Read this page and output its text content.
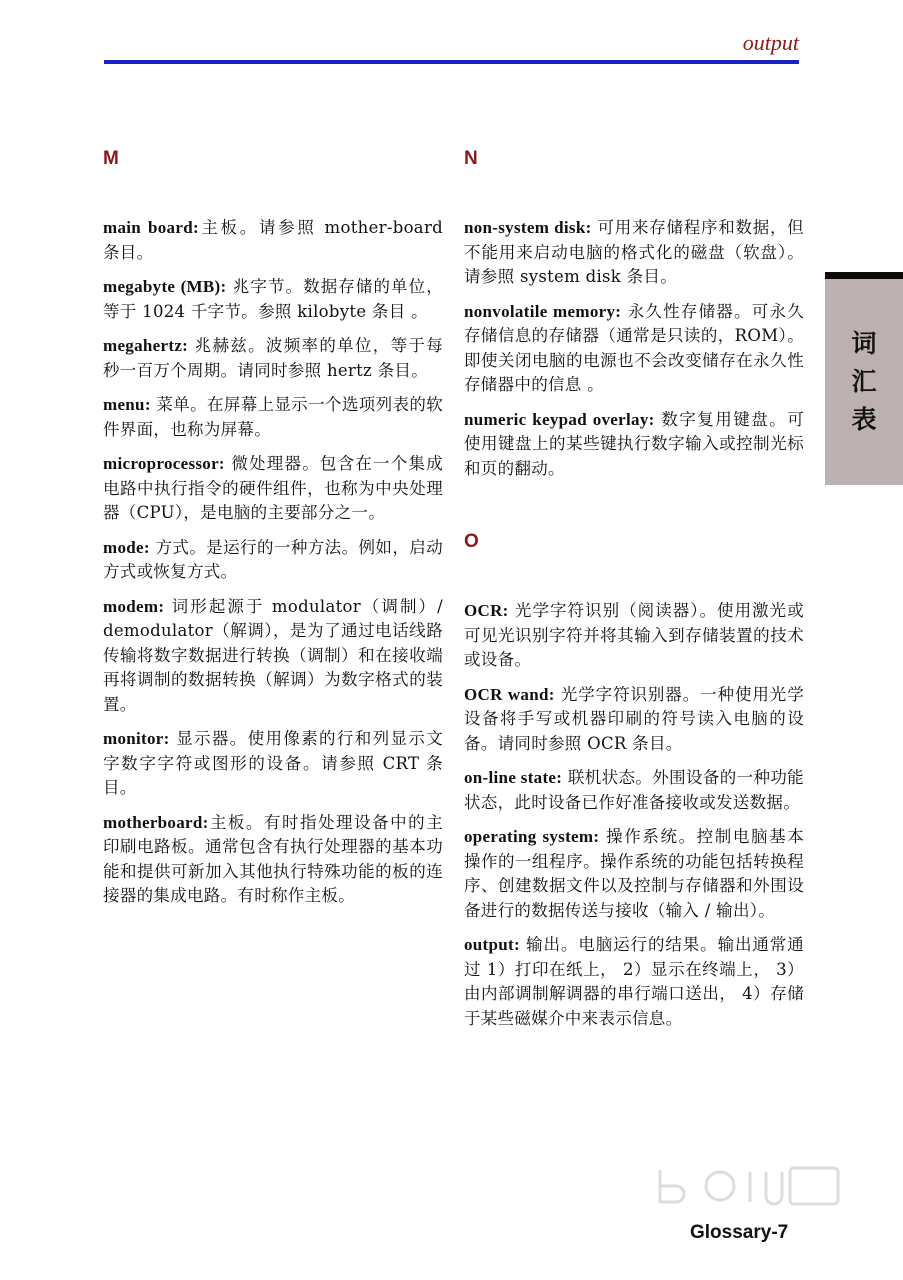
output
M

main board:主板。请参照 mother-board 条目。

megabyte (MB): 兆字节。数据存储的单位，等于 1024 千字节。参照 kilobyte 条目 。

megahertz: 兆赫兹。波频率的单位，等于每秒一百万个周期。请同时参照 hertz 条目。

menu: 菜单。在屏幕上显示一个选项列表的软件界面，也称为屏幕。

microprocessor: 微处理器。包含在一个集成电路中执行指令的硬件组件，也称为中央处理器（CPU），是电脑的主要部分之一。

mode: 方式。是运行的一种方法。例如，启动方式或恢复方式。

modem: 词形起源于 modulator（调制）/ demodulator（解调），是为了通过电话线路传输将数字数据进行转换（调制）和在接收端再将调制的数据转换（解调）为数字格式的装置。

monitor: 显示器。使用像素的行和列显示文字数字字符或图形的设备。请参照 CRT 条目。

motherboard:主板。有时指处理设备中的主印刷电路板。通常包含有执行处理器的基本功能和提供可新加入其他执行特殊功能的板的连接器的集成电路。有时称作主板。

N

non-system disk: 可用来存储程序和数据，但不能用来启动电脑的格式化的磁盘（软盘）。请参照 system disk 条目。

nonvolatile memory: 永久性存储器。可永久存储信息的存储器（通常是只读的，ROM）。即使关闭电脑的电源也不会改变储存在永久性存储器中的信息 。

numeric keypad overlay: 数字复用键盘。可使用键盘上的某些键执行数字输入或控制光标和页的翻动。

O

OCR: 光学字符识别（阅读器）。使用激光或可见光识别字符并将其输入到存储装置的技术或设备。

OCR wand: 光学字符识别器。一种使用光学设备将手写或机器印刷的符号读入电脑的设备。请同时参照 OCR 条目。

on-line state: 联机状态。外围设备的一种功能状态，此时设备已作好准备接收或发送数据。

operating system: 操作系统。控制电脑基本操作的一组程序。操作系统的功能包括转换程序、创建数据文件以及控制与存储器和外围设备进行的数据传送与接收（输入 / 输出）。

output: 输出。电脑运行的结果。输出通常通过 1）打印在纸上， 2）显示在终端上， 3）由内部调制解调器的串行端口送出， 4）存储于某些磁媒介中来表示信息。

词
汇
表
Glossary-7
